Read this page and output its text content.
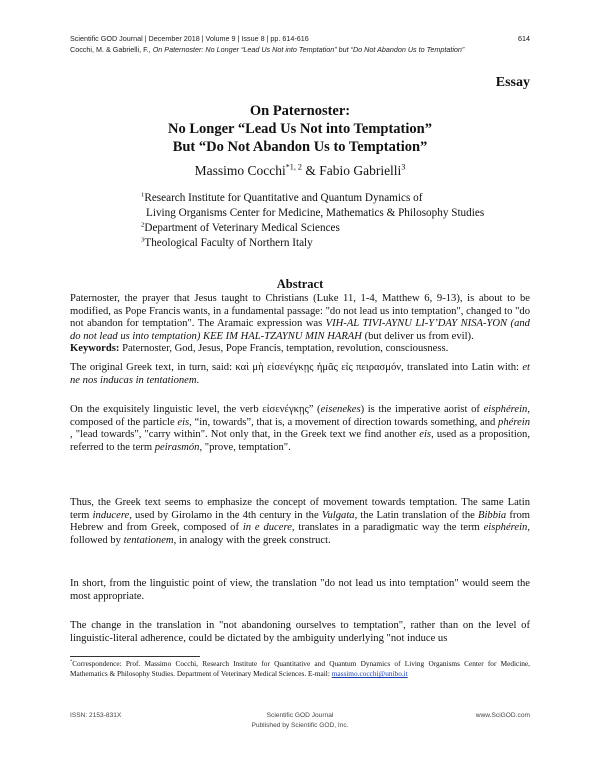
Scientific GOD Journal | December 2018 | Volume 9 | Issue 8 | pp. 614-616	614
Cocchi, M. & Gabrielli, F., On Paternoster: No Longer “Lead Us Not into Temptation” but “Do Not Abandon Us to Temptation”
Essay
On Paternoster:
No Longer “Lead Us Not into Temptation”
But “Do Not Abandon Us to Temptation”
Massimo Cocchi$^{*1, 2}$ & Fabio Gabrielli$^3$
$^1$Research Institute for Quantitative and Quantum Dynamics of
Living Organisms Center for Medicine, Mathematics & Philosophy Studies
$^2$Department of Veterinary Medical Sciences
$^3$Theological Faculty of Northern Italy
Abstract

Paternoster, the prayer that Jesus taught to Christians (Luke 11, 1-4, Matthew 6, 9-13), is about to be modified, as Pope Francis wants, in a fundamental passage: "do not lead us into temptation", changed to "do not abandon for temptation". The Aramaic expression was VIH-AL TIVI-AYNU LI-Y’DAY NISA-YON (and do not lead us into temptation) KEE IM HAL-TZAYNU MIN HARAH (but deliver us from evil).

Keywords: Paternoster, God, Jesus, Pope Francis, temptation, revolution, consciousness.

The original Greek text, in turn, said: καὶ μὴ εἰσενέγκῃς ἡμᾶς εἰς πειρασμόν, translated into Latin with: et ne nos inducas in tentationem.

On the exquisitely linguistic level, the verb εἰσενέγκῃς” (eisenekes) is the imperative aorist of eisphérein, composed of the particle eis, “in, towards”, that is, a movement of direction towards something, and phérein , "lead towards", "carry within". Not only that, in the Greek text we find another eis, used as a proposition, referred to the term peirasmón, "prove, temptation".

Thus, the Greek text seems to emphasize the concept of movement towards temptation. The same Latin term inducere, used by Girolamo in the 4th century in the Vulgata, the Latin translation of the Bibbia from Hebrew and from Greek, composed of in e ducere, translates in a paradigmatic way the term eisphérein, followed by tentationem, in analogy with the greek construct.

In short, from the linguistic point of view, the translation "do not lead us into temptation" would seem the most appropriate.

The change in the translation in "not abandoning ourselves to temptation", rather than on the level of linguistic-literal adherence, could be dictated by the ambiguity underlying "not induce us

*Correspondence: Prof. Massimo Cocchi, Research Institute for Quantitative and Quantum Dynamics of Living Organisms Center for Medicine, Mathematics & Philosophy Studies. Department of Veterinary Medical Sciences. E-mail: massimo.cocchi@unibo.it
ISSN: 2153-831X	Scientific GOD Journal	www.SciGOD.com
Published by Scientific GOD, Inc.
